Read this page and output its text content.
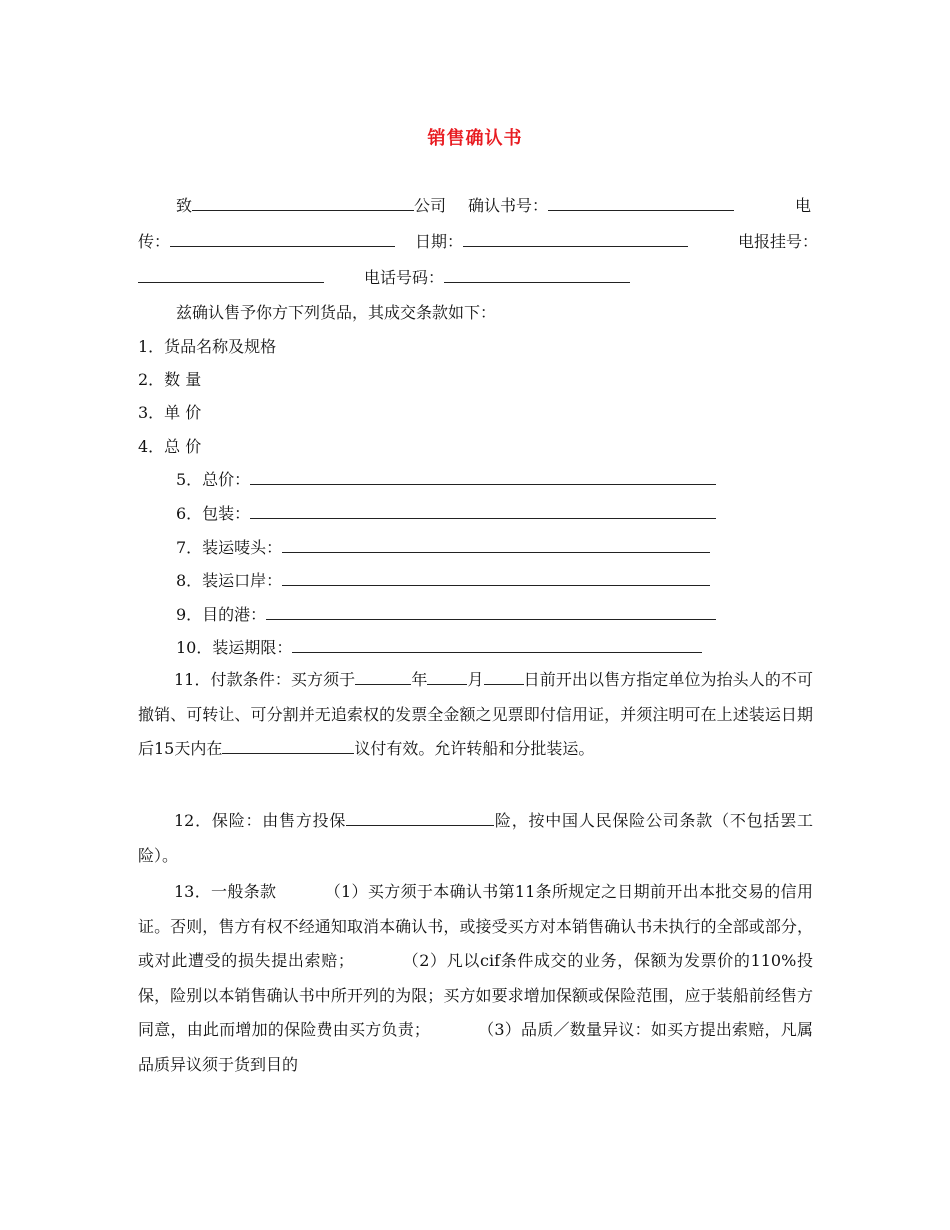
销售确认书
致	公司 确认书号：	电
传：	日期：	电报挂号：
电话号码：
兹确认售予你方下列货品，其成交条款如下：
1．货品名称及规格
2．数 量
3．单 价
4．总 价
5．总价：
6．包装：
7．装运唛头：
8．装运口岸：
9．目的港：
10．装运期限：
11．付款条件：买方须于	年	月	日前开出以售方指定单位为抬头人的不可撤销、可转让、可分割并无追索权的发票全金额之见票即付信用证，并须注明可在上述装运日期后15天内在	议付有效。允许转船和分批装运。
12．保险：由售方投保	险，按中国人民保险公司条款（不包括罢工险）。
13．一般条款	（1）买方须于本确认书第11条所规定之日期前开出本批交易的信用证。否则，售方有权不经通知取消本确认书，或接受买方对本销售确认书未执行的全部或部分，或对此遭受的损失提出索赔；	（2）凡以cif条件成交的业务，保额为发票价的110%投保，险别以本销售确认书中所开列的为限；买方如要求增加保额或保险范围，应于装船前经售方同意，由此而增加的保险费由买方负责；	（3）品质／数量异议：如买方提出索赔，凡属品质异议须于货到目的
